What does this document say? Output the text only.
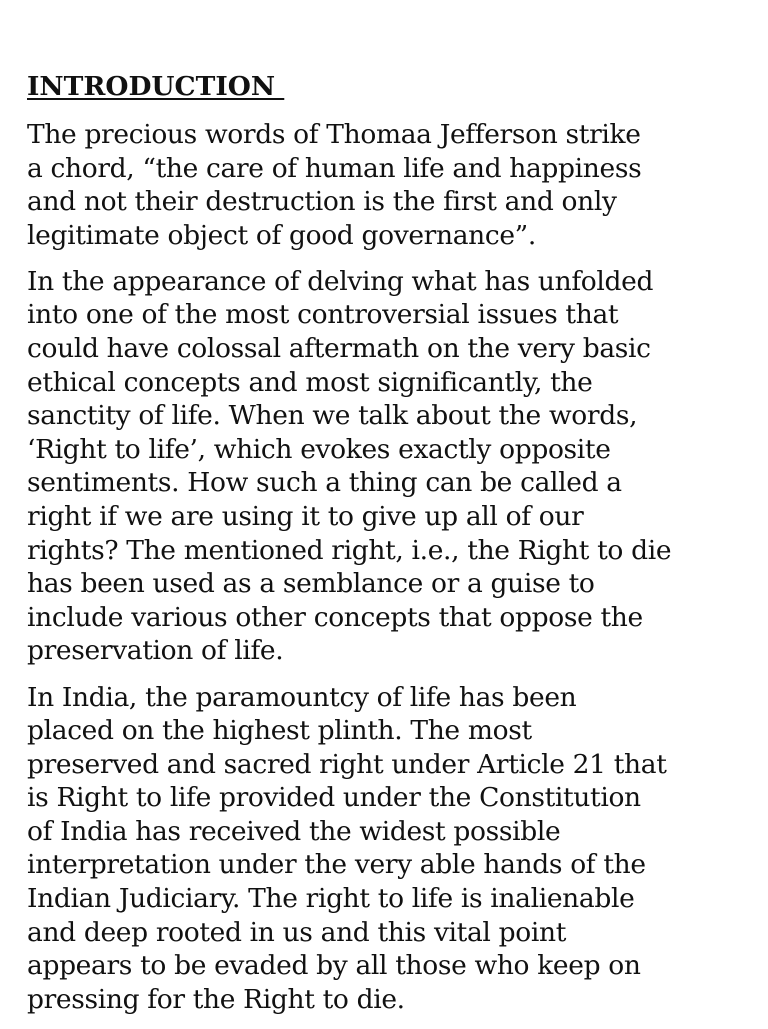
INTRODUCTION

The precious words of Thomaa Jefferson strike
a chord, “the care of human life and happiness
and not their destruction is the first and only
legitimate object of good governance”.

In the appearance of delving what has unfolded
into one of the most controversial issues that
could have colossal aftermath on the very basic
ethical concepts and most significantly, the
sanctity of life. When we talk about the words,
‘Right to life’, which evokes exactly opposite
sentiments. How such a thing can be called a
right if we are using it to give up all of our
rights? The mentioned right, i.e., the Right to die
has been used as a semblance or a guise to
include various other concepts that oppose the
preservation of life.

In India, the paramountcy of life has been
placed on the highest plinth. The most
preserved and sacred right under Article 21 that
is Right to life provided under the Constitution
of India has received the widest possible
interpretation under the very able hands of the
Indian Judiciary. The right to life is inalienable
and deep rooted in us and this vital point
appears to be evaded by all those who keep on
pressing for the Right to die.
